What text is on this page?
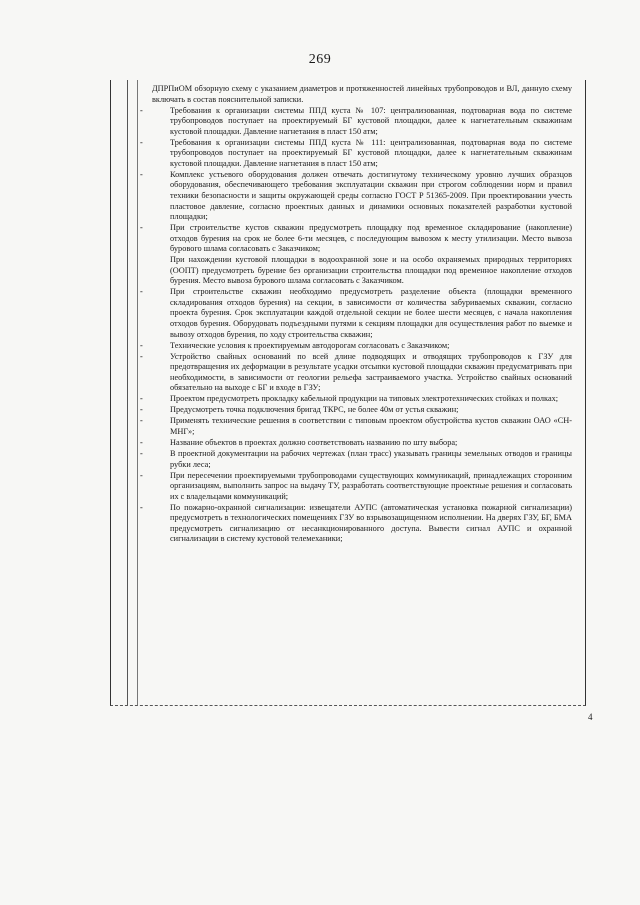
269
ДПРПиОМ обзорную схему с указанием диаметров и протяженностей линейных трубопроводов и ВЛ, данную схему включать в состав пояснительной записки.
-	Требования к организации системы ППД куста № 107: централизованная, подтоварная вода по системе трубопроводов поступает на проектируемый БГ кустовой площадки, далее к нагнетательным скважинам кустовой площадки. Давление нагнетания в пласт 150 атм;
-	Требования к организации системы ППД куста № 111: централизованная, подтоварная вода по системе трубопроводов поступает на проектируемый БГ кустовой площадки, далее к нагнетательным скважинам кустовой площадки. Давление нагнетания в пласт 150 атм;
-	Комплекс устьевого оборудования должен отвечать достигнутому техническому уровню лучших образцов оборудования, обеспечивающего требования эксплуатации скважин при строгом соблюдении норм и правил техники безопасности и защиты окружающей среды согласно ГОСТ Р 51365-2009. При проектировании учесть пластовое давление, согласно проектных данных и динамики основных показателей разработки кустовой площадки;
-	При строительстве кустов скважин предусмотреть площадку под временное складирование (накопление) отходов бурения на срок не более 6-ти месяцев, с последующим вывозом к месту утилизации. Место вывоза бурового шлама согласовать с Заказчиком;
При нахождении кустовой площадки в водоохранной зоне и на особо охраняемых природных территориях (ООПТ) предусмотреть бурение без организации строительства площадки под временное накопление отходов бурения. Место вывоза бурового шлама согласовать с Заказчиком.
-	При строительстве скважин необходимо предусмотреть разделение объекта (площадки временного складирования отходов бурения) на секции, в зависимости от количества забуриваемых скважин, согласно проекта бурения. Срок эксплуатации каждой отдельной секции не более шести месяцев, с начала накопления отходов бурения. Оборудовать подъездными путями к секциям площадки для осуществления работ по выемке и вывозу отходов бурения, по ходу строительства скважин;
-	Технические условия к проектируемым автодорогам согласовать с Заказчиком;
-	Устройство свайных оснований по всей длине подводящих и отводящих трубопроводов к ГЗУ для предотвращения их деформации в результате усадки отсыпки кустовой площадки скважин предусматривать при необходимости, в зависимости от геологии рельефа застраиваемого участка. Устройство свайных оснований обязательно на выходе с БГ и входе в ГЗУ;
-	Проектом предусмотреть прокладку кабельной продукции на типовых электротехнических стойках и полках;
-	Предусмотреть точка подключения бригад ТКРС, не более 40м от устья скважин;
-	Применять технические решения в соответствии с типовым проектом обустройства кустов скважин ОАО «СН-МНГ»;
-	Название объектов в проектах должно соответствовать названию по шту выбора;
-	В проектной документации на рабочих чертежах (план трасс) указывать границы земельных отводов и границы рубки леса;
-	При пересечении проектируемыми трубопроводами существующих коммуникаций, принадлежащих сторонним организациям, выполнить запрос на выдачу ТУ, разработать соответствующие проектные решения и согласовать их с владельцами коммуникаций;
-	По пожарно-охранной сигнализации: извещатели АУПС (автоматическая установка пожарной сигнализации) предусмотреть в технологических помещениях ГЗУ во взрывозащищенном исполнении. На дверях ГЗУ, БГ, БМА предусмотреть сигнализацию от несанкционированного доступа. Вывести сигнал АУПС и охранной сигнализации в систему кустовой телемеханики;
4
